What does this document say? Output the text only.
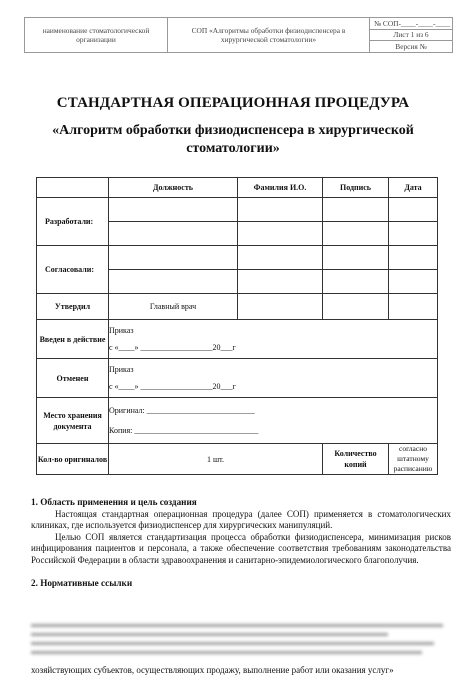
наименование стоматологической организации	СОП «Алгоритмы обработки физиодиспенсера в хирургической стоматологии»	№ СОП-____-____-____
Лист 1 из 6
Версия №
СТАНДАРТНАЯ ОПЕРАЦИОННАЯ ПРОЦЕДУРА
«Алгоритм обработки физиодиспенсера в хирургической стоматологии»
	Должность	Фамилия И.О.	Подпись	Дата
Разработали:				

Согласовали:				

Утвердил	Главный врач			
Введен в действие	Приказ
с «____» __________________20___г			

Отменен	Приказ
с «____» __________________20___г			

Место хранения документа	Оригинал: ___________________________
Копия: _______________________________			

Кол-во оригиналов	1 шт.		Количество копий	согласно штатному расписанию
1. Область применения и цель создания

Настоящая стандартная операционная процедура (далее СОП) применяется в стоматологических клиниках, где используется физиодиспенсер для хирургических манипуляций.

Целью СОП является стандартизация процесса обработки физиодиспенсера, минимизация рисков инфицирования пациентов и персонала, а также обеспечение соответствия требованиям законодательства Российской Федерации в области здравоохранения и санитарно-эпидемиологического благополучия.

2. Нормативные ссылки
хозяйствующих субъектов, осуществляющих продажу, выполнение работ или оказания услуг»
